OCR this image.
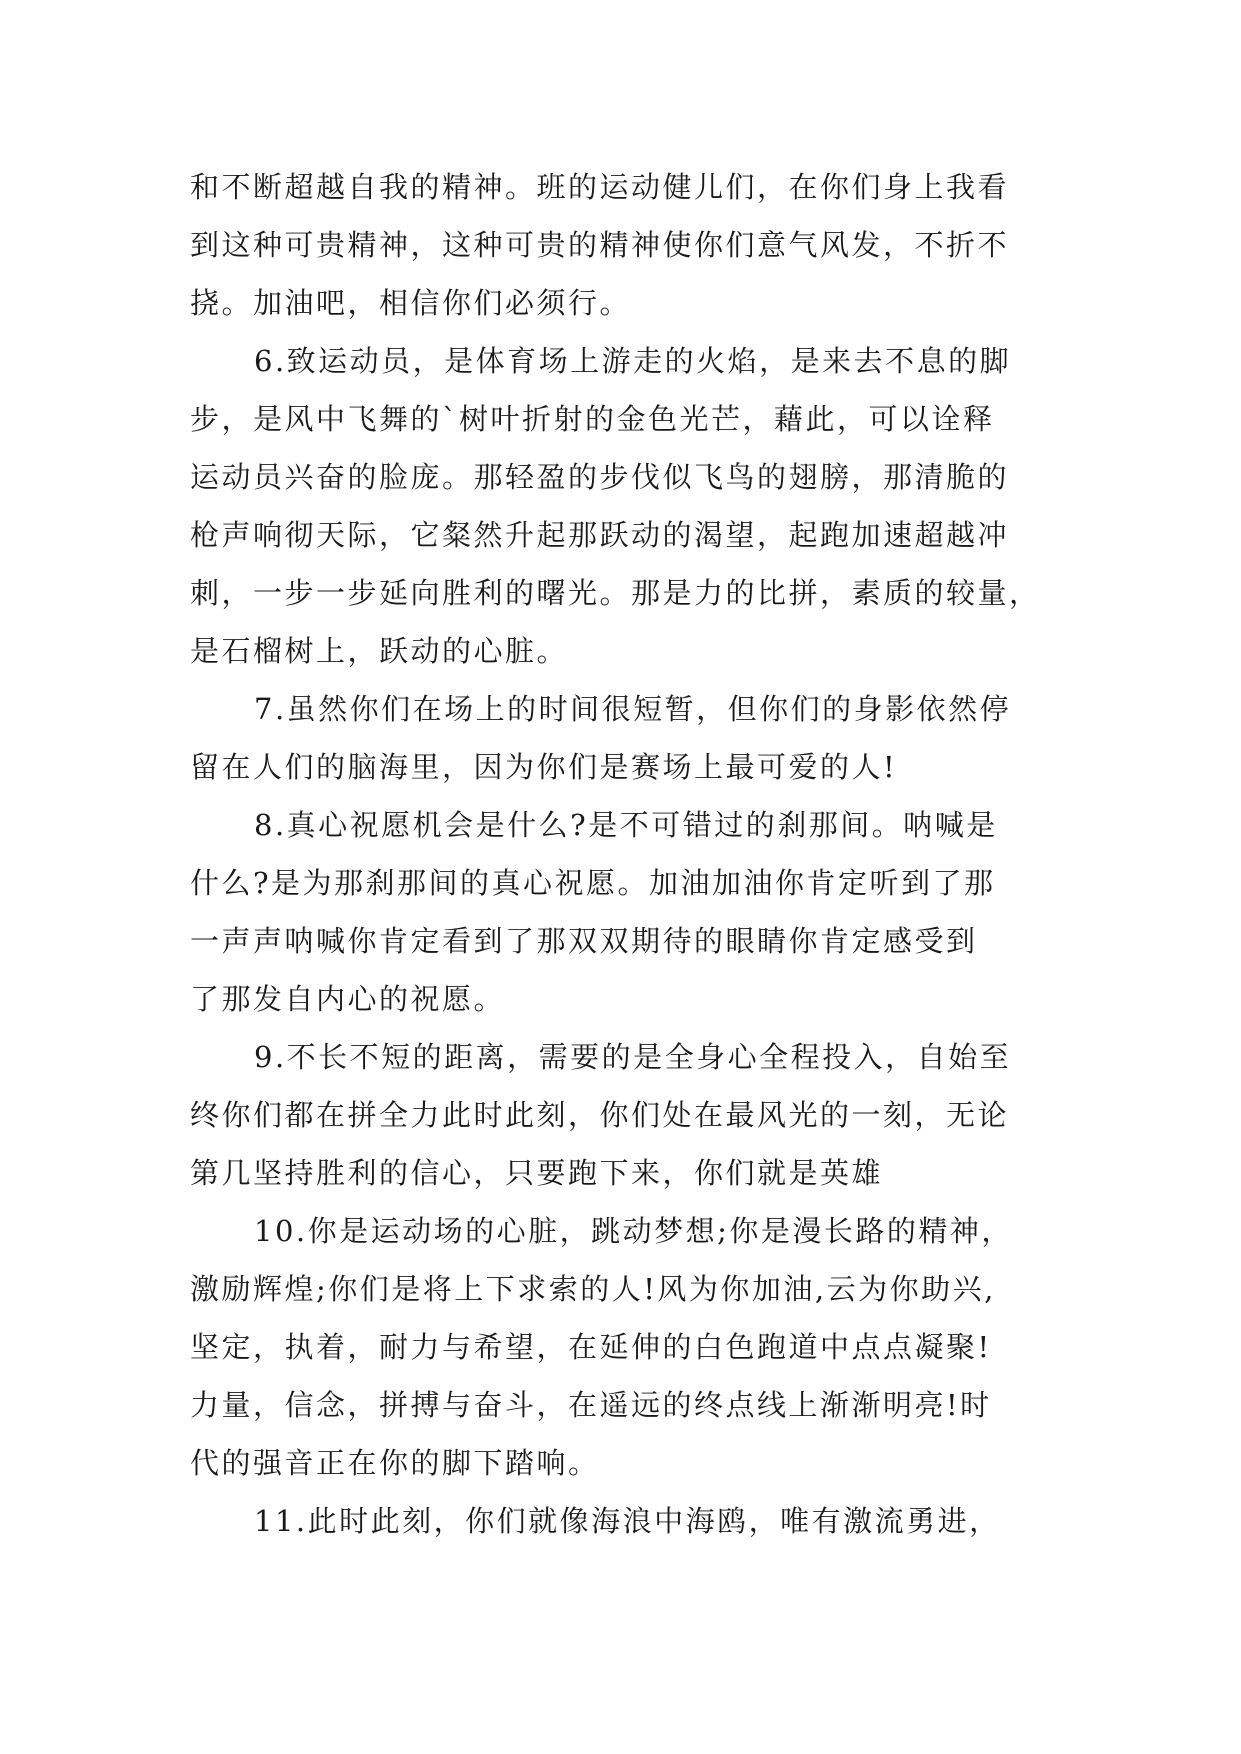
和不断超越自我的精神。班的运动健儿们，在你们身上我看
到这种可贵精神，这种可贵的精神使你们意气风发，不折不
挠。加油吧，相信你们必须行。
6.致运动员，是体育场上游走的火焰，是来去不息的脚
步，是风中飞舞的`树叶折射的金色光芒，藉此，可以诠释
运动员兴奋的脸庞。那轻盈的步伐似飞鸟的翅膀，那清脆的
枪声响彻天际，它粲然升起那跃动的渴望，起跑加速超越冲
刺，一步一步延向胜利的曙光。那是力的比拼，素质的较量，
是石榴树上，跃动的心脏。
7.虽然你们在场上的时间很短暂，但你们的身影依然停
留在人们的脑海里，因为你们是赛场上最可爱的人!
8.真心祝愿机会是什么?是不可错过的刹那间。呐喊是
什么?是为那刹那间的真心祝愿。加油加油你肯定听到了那
一声声呐喊你肯定看到了那双双期待的眼睛你肯定感受到
了那发自内心的祝愿。
9.不长不短的距离，需要的是全身心全程投入，自始至
终你们都在拼全力此时此刻，你们处在最风光的一刻，无论
第几坚持胜利的信心，只要跑下来，你们就是英雄
10.你是运动场的心脏，跳动梦想;你是漫长路的精神，
激励辉煌;你们是将上下求索的人!风为你加油,云为你助兴,
坚定，执着，耐力与希望，在延伸的白色跑道中点点凝聚!
力量，信念，拼搏与奋斗，在遥远的终点线上渐渐明亮!时
代的强音正在你的脚下踏响。
11.此时此刻，你们就像海浪中海鸥，唯有激流勇进，
